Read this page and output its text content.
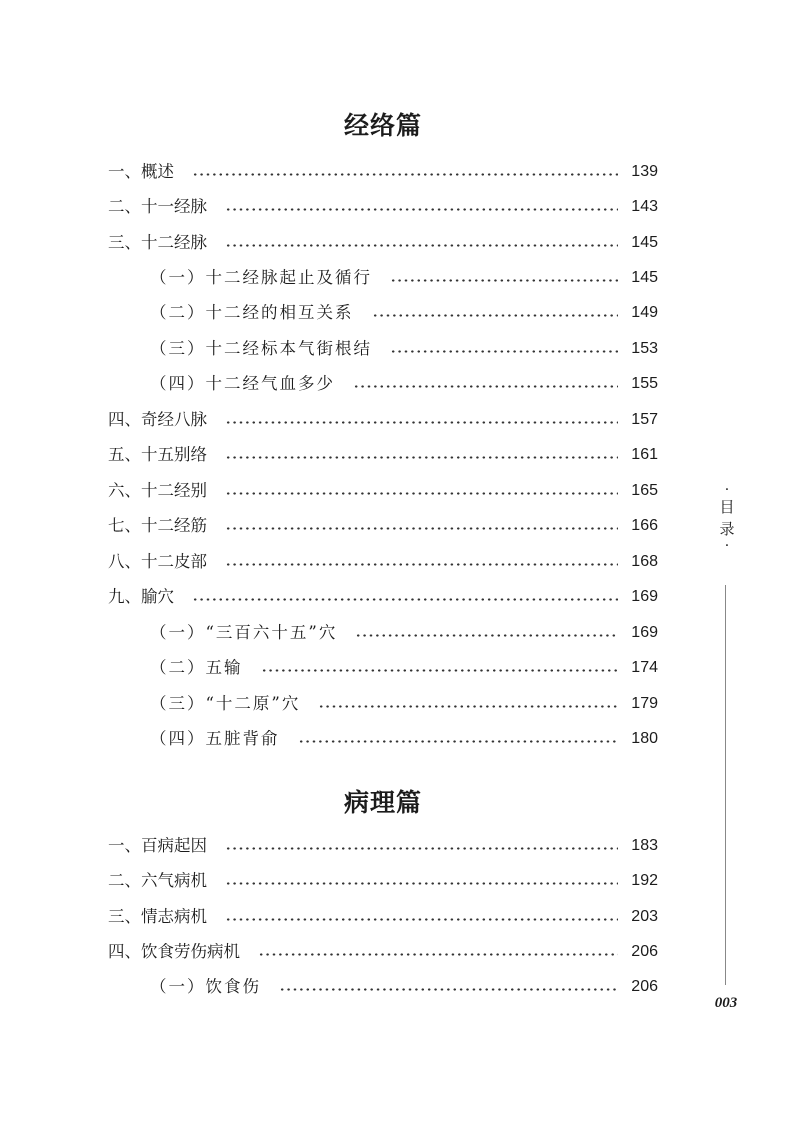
经络篇
一、概述	139
二、十一经脉	143
三、十二经脉	145
（一）十二经脉起止及循行	145
（二）十二经的相互关系	149
（三）十二经标本气街根结	153
（四）十二经气血多少	155
四、奇经八脉	157
五、十五别络	161
六、十二经别	165
七、十二经筋	166
八、十二皮部	168
九、腧穴	169
（一）“三百六十五”穴	169
（二）五输	174
（三）“十二原”穴	179
（四）五脏背俞	180
病理篇
一、百病起因	183
二、六气病机	192
三、情志病机	203
四、饮食劳伤病机	206
（一）饮食伤	206
·
目
录
·
003
